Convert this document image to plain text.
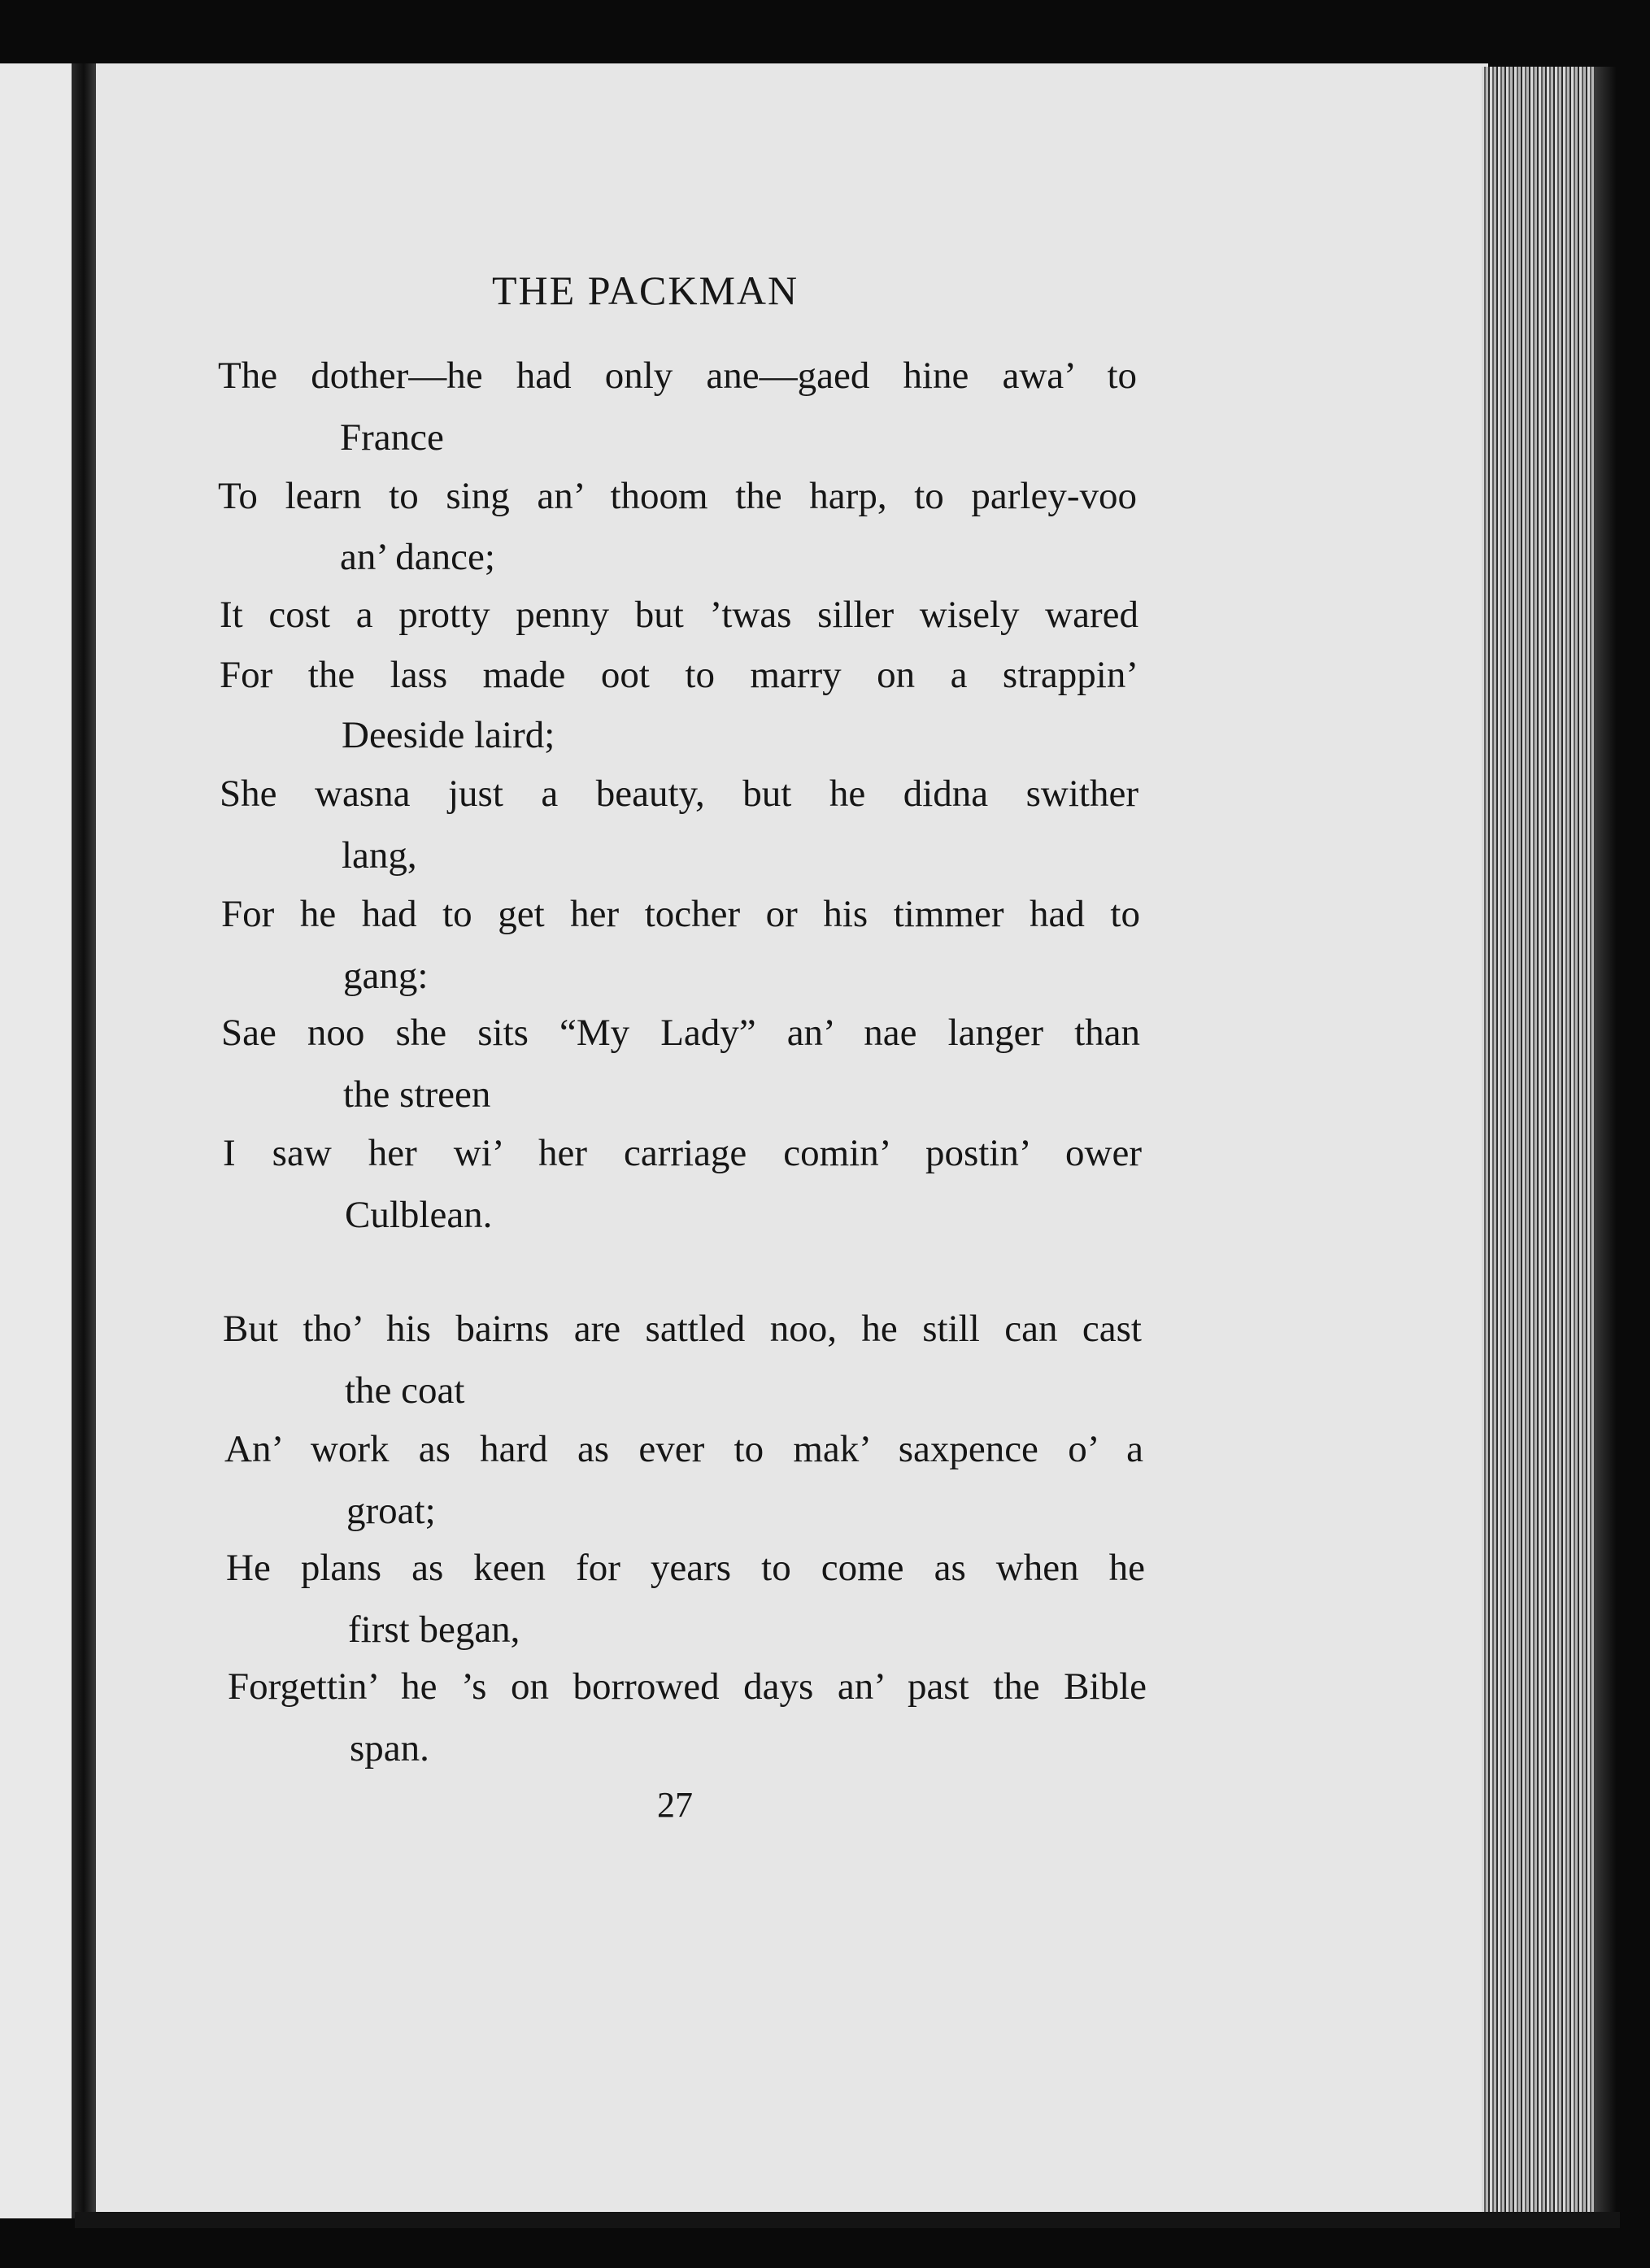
THE PACKMAN
The dother—he had only ane—gaed hine awa’ to
France
To learn to sing an’ thoom the harp, to parley-voo
an’ dance;
It cost a protty penny but ’twas siller wisely wared
For the lass made oot to marry on a strappin’
Deeside laird;
She wasna just a beauty, but he didna swither
lang,
For he had to get her tocher or his timmer had to
gang:
Sae noo she sits “My Lady” an’ nae langer than
the streen
I saw her wi’ her carriage comin’ postin’ ower
Culblean.
But tho’ his bairns are sattled noo, he still can cast
the coat
An’ work as hard as ever to mak’ saxpence o’ a
groat;
He plans as keen for years to come as when he
first began,
Forgettin’ he ’s on borrowed days an’ past the Bible
span.
27
